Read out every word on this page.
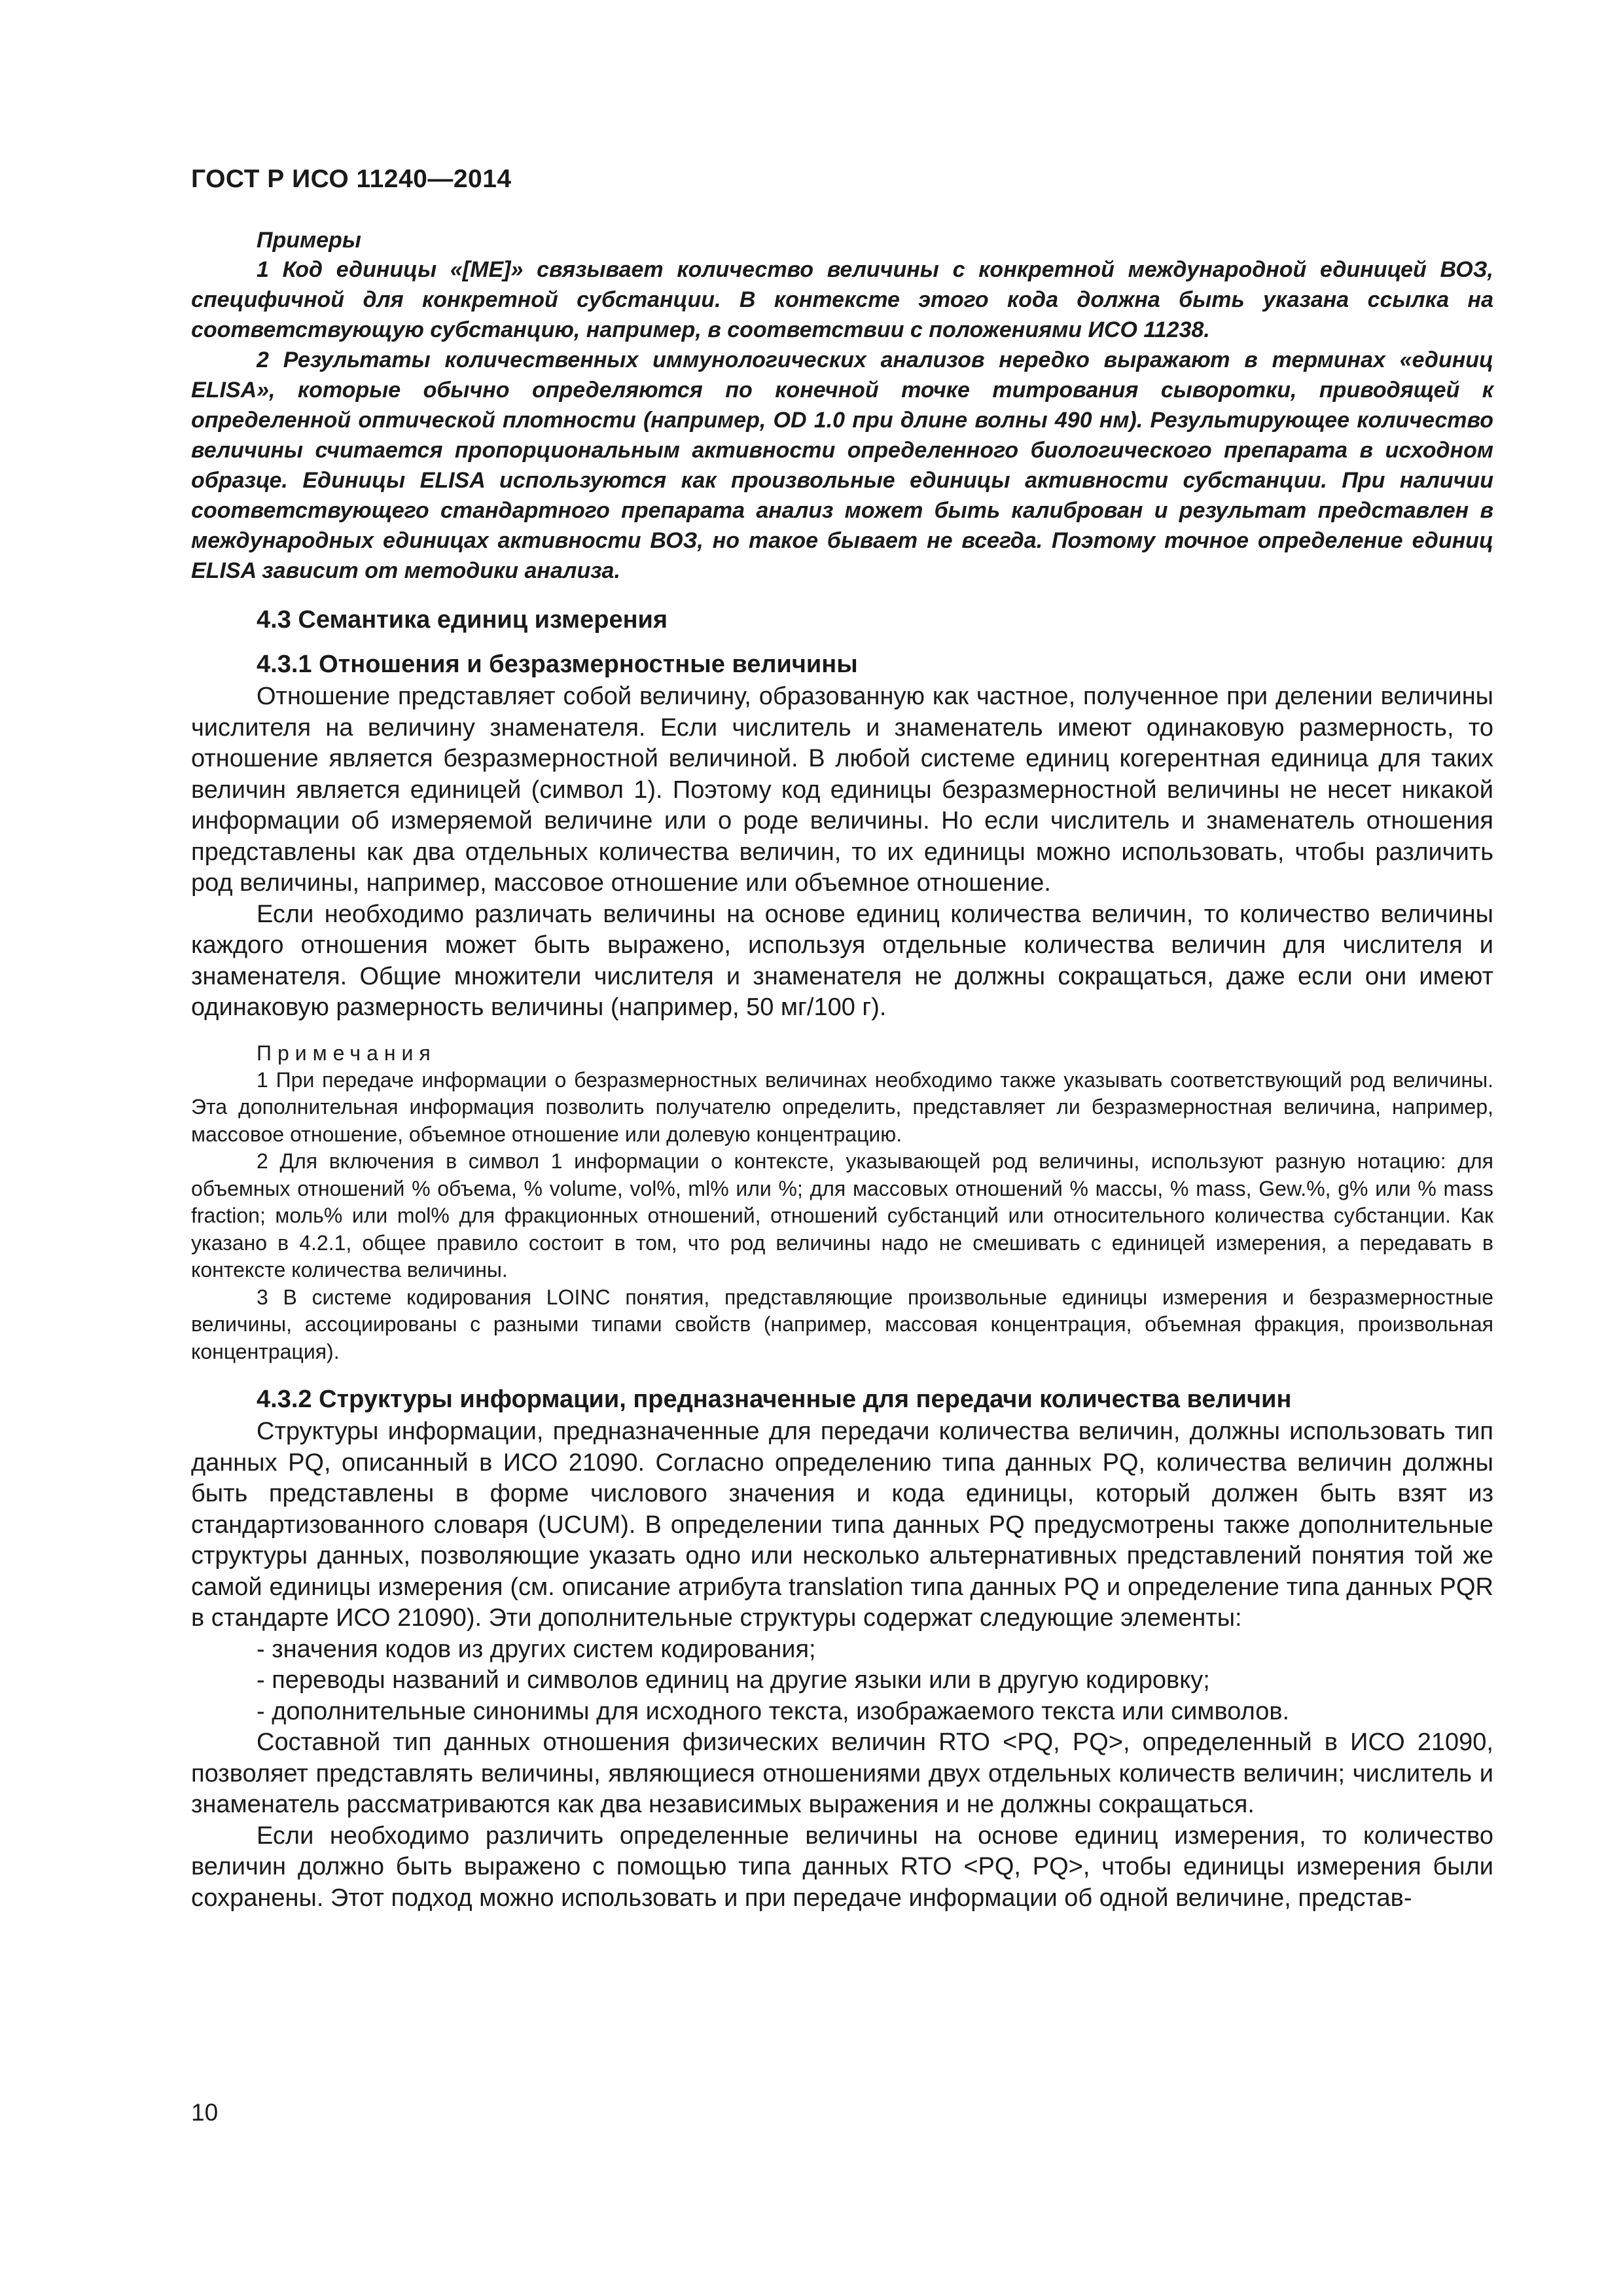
ГОСТ Р ИСО 11240—2014

Примеры

1 Код единицы «[ME]» связывает количество величины с конкретной международной единицей ВОЗ, специфичной для конкретной субстанции. В контексте этого кода должна быть указана ссылка на соответствующую субстанцию, например, в соответствии с положениями ИСО 11238.

2 Результаты количественных иммунологических анализов нередко выражают в терминах «единиц ELISA», которые обычно определяются по конечной точке титрования сыворотки, приводящей к определенной оптической плотности (например, OD 1.0 при длине волны 490 нм). Результирующее количество величины считается пропорциональным активности определенного биологического препарата в исходном образце. Единицы ELISA используются как произвольные единицы активности субстанции. При наличии соответствующего стандартного препарата анализ может быть калиброван и результат представлен в международных единицах активности ВОЗ, но такое бывает не всегда. Поэтому точное определение единиц ELISA зависит от методики анализа.

4.3 Семантика единиц измерения
4.3.1 Отношения и безразмерностные величины

Отношение представляет собой величину, образованную как частное, полученное при делении величины числителя на величину знаменателя. Если числитель и знаменатель имеют одинаковую размерность, то отношение является безразмерностной величиной. В любой системе единиц когерентная единица для таких величин является единицей (символ 1). Поэтому код единицы безразмерностной величины не несет никакой информации об измеряемой величине или о роде величины. Но если числитель и знаменатель отношения представлены как два отдельных количества величин, то их единицы можно использовать, чтобы различить род величины, например, массовое отношение или объемное отношение.

Если необходимо различать величины на основе единиц количества величин, то количество величины каждого отношения может быть выражено, используя отдельные количества величин для числителя и знаменателя. Общие множители числителя и знаменателя не должны сокращаться, даже если они имеют одинаковую размерность величины (например, 50 мг/100 г).

Примечания

1 При передаче информации о безразмерностных величинах необходимо также указывать соответствующий род величины. Эта дополнительная информация позволить получателю определить, представляет ли безразмерностная величина, например, массовое отношение, объемное отношение или долевую концентрацию.

2 Для включения в символ 1 информации о контексте, указывающей род величины, используют разную нотацию: для объемных отношений % объема, % volume, vol%, ml% или %; для массовых отношений % массы, % mass, Gew.%, g% или % mass fraction; моль% или mol% для фракционных отношений, отношений субстанций или относительного количества субстанции. Как указано в 4.2.1, общее правило состоит в том, что род величины надо не смешивать с единицей измерения, а передавать в контексте количества величины.

3 В системе кодирования LOINC понятия, представляющие произвольные единицы измерения и безразмерностные величины, ассоциированы с разными типами свойств (например, массовая концентрация, объемная фракция, произвольная концентрация).

4.3.2 Структуры информации, предназначенные для передачи количества величин

Структуры информации, предназначенные для передачи количества величин, должны использовать тип данных PQ, описанный в ИСО 21090. Согласно определению типа данных PQ, количества величин должны быть представлены в форме числового значения и кода единицы, который должен быть взят из стандартизованного словаря (UCUM). В определении типа данных PQ предусмотрены также дополнительные структуры данных, позволяющие указать одно или несколько альтернативных представлений понятия той же самой единицы измерения (см. описание атрибута translation типа данных PQ и определение типа данных PQR в стандарте ИСО 21090). Эти дополнительные структуры содержат следующие элементы:

- значения кодов из других систем кодирования;
- переводы названий и символов единиц на другие языки или в другую кодировку;
- дополнительные синонимы для исходного текста, изображаемого текста или символов.

Составной тип данных отношения физических величин RTO <PQ, PQ>, определенный в ИСО 21090, позволяет представлять величины, являющиеся отношениями двух отдельных количеств величин; числитель и знаменатель рассматриваются как два независимых выражения и не должны сокращаться.

Если необходимо различить определенные величины на основе единиц измерения, то количество величин должно быть выражено с помощью типа данных RTO <PQ, PQ>, чтобы единицы измерения были сохранены. Этот подход можно использовать и при передаче информации об одной величине, представ-

10
